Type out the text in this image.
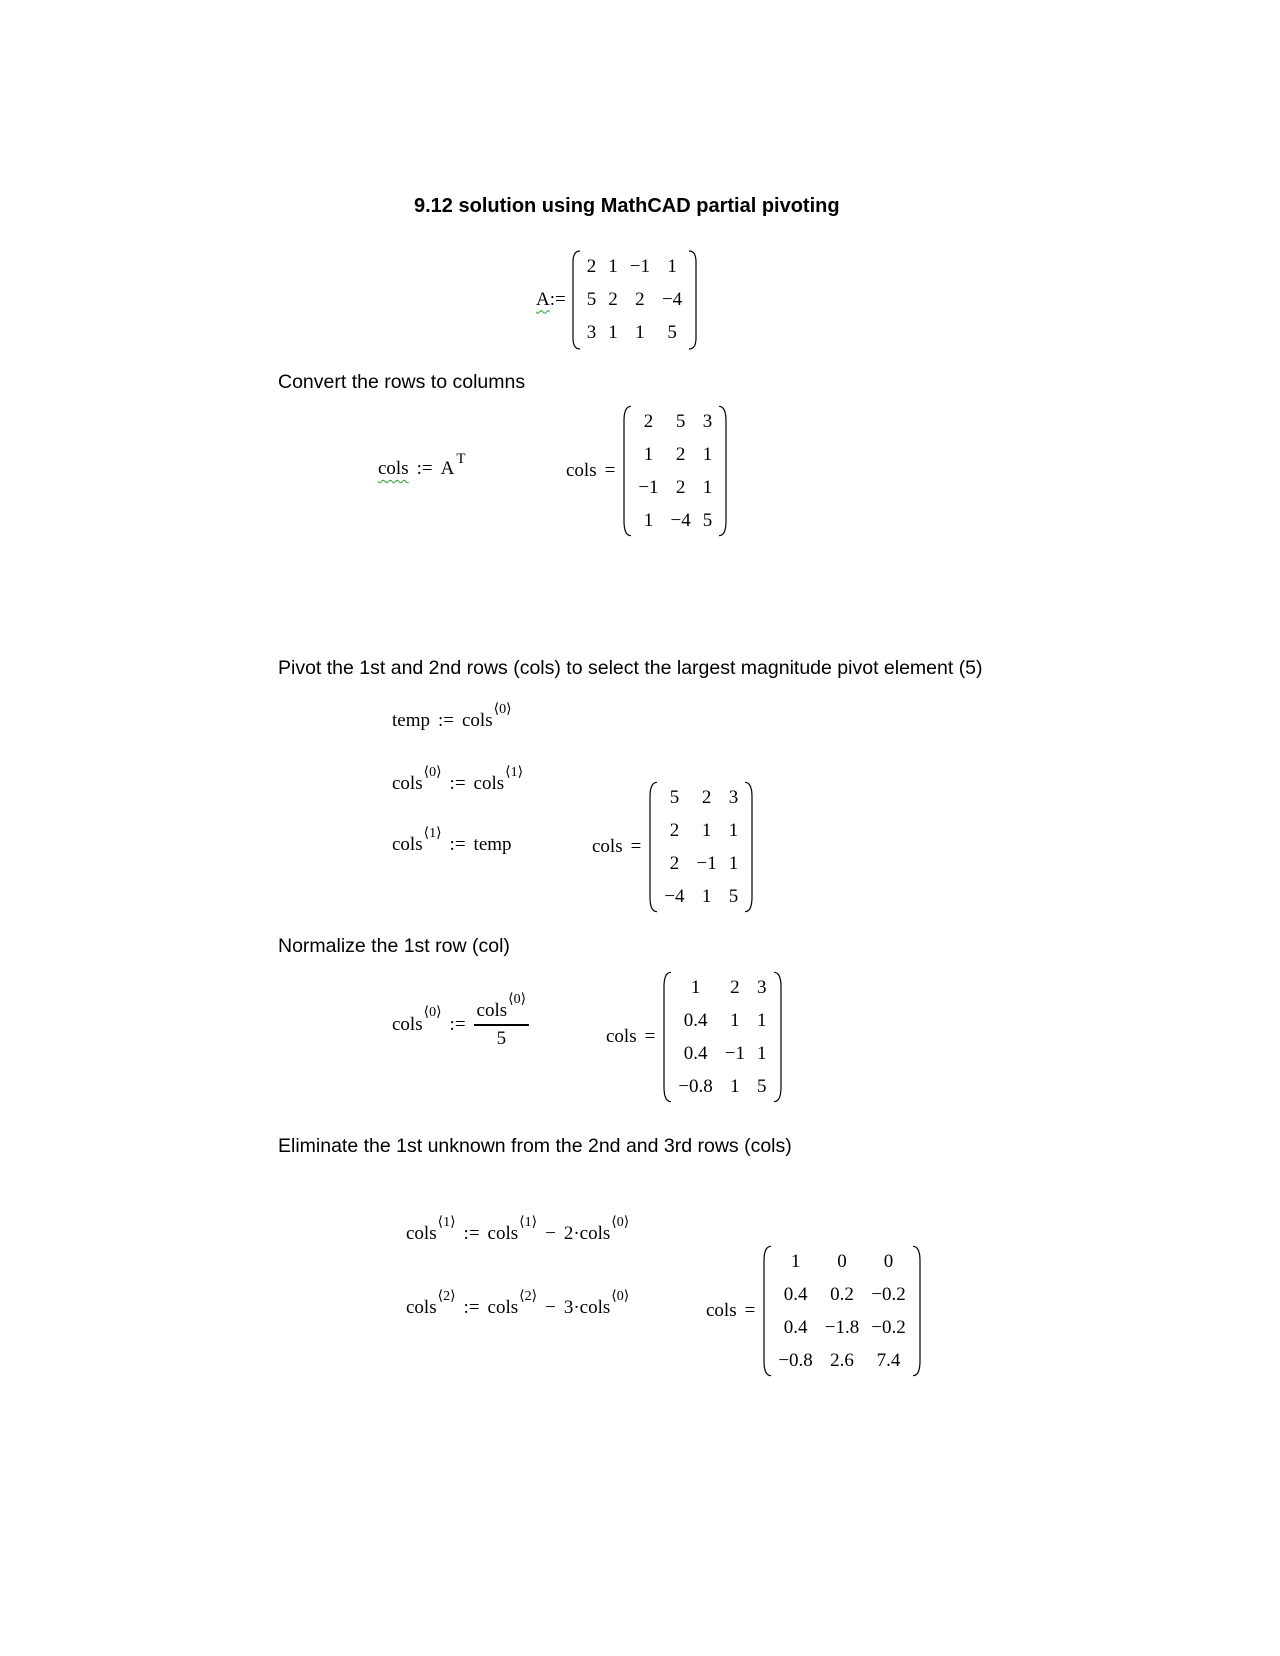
9.12 solution using MathCAD partial pivoting
A :=
2	1	−1	1
5	2	2	−4
3	1	1	5
Convert the rows to columns
cols := A $^T$
cols =
2	5	3
1	2	1
−1	2	1
1	−4	5
Pivot the 1st and 2nd rows (cols) to select the largest magnitude pivot element (5)
temp := cols$^{⟨0⟩}$
cols$^{⟨0⟩}$:= cols$^{⟨1⟩}$
cols$^{⟨1⟩}$:= temp	cols =
5	2	3
2	1	1
2	−1	1
−4	1	5
Normalize the 1st row (col)
cols
⟨0⟩
:= $\frac{cols^{⟨0⟩}}{5}$	cols =
1	2	3
0.4	1	1
0.4	−1	1
−0.8	1	5
Eliminate the 1st unknown from the 2nd and 3rd rows (cols)
cols$^{⟨1⟩}$:= cols$^{⟨1⟩}$− 2·cols$^{⟨0⟩}$
cols$^{⟨2⟩}$:= cols$^{⟨2⟩}$− 3·cols$^{⟨0⟩}$
cols =
1	0	0
0.4	0.2	−0.2
0.4	−1.8	−0.2
−0.8	2.6	7.4
